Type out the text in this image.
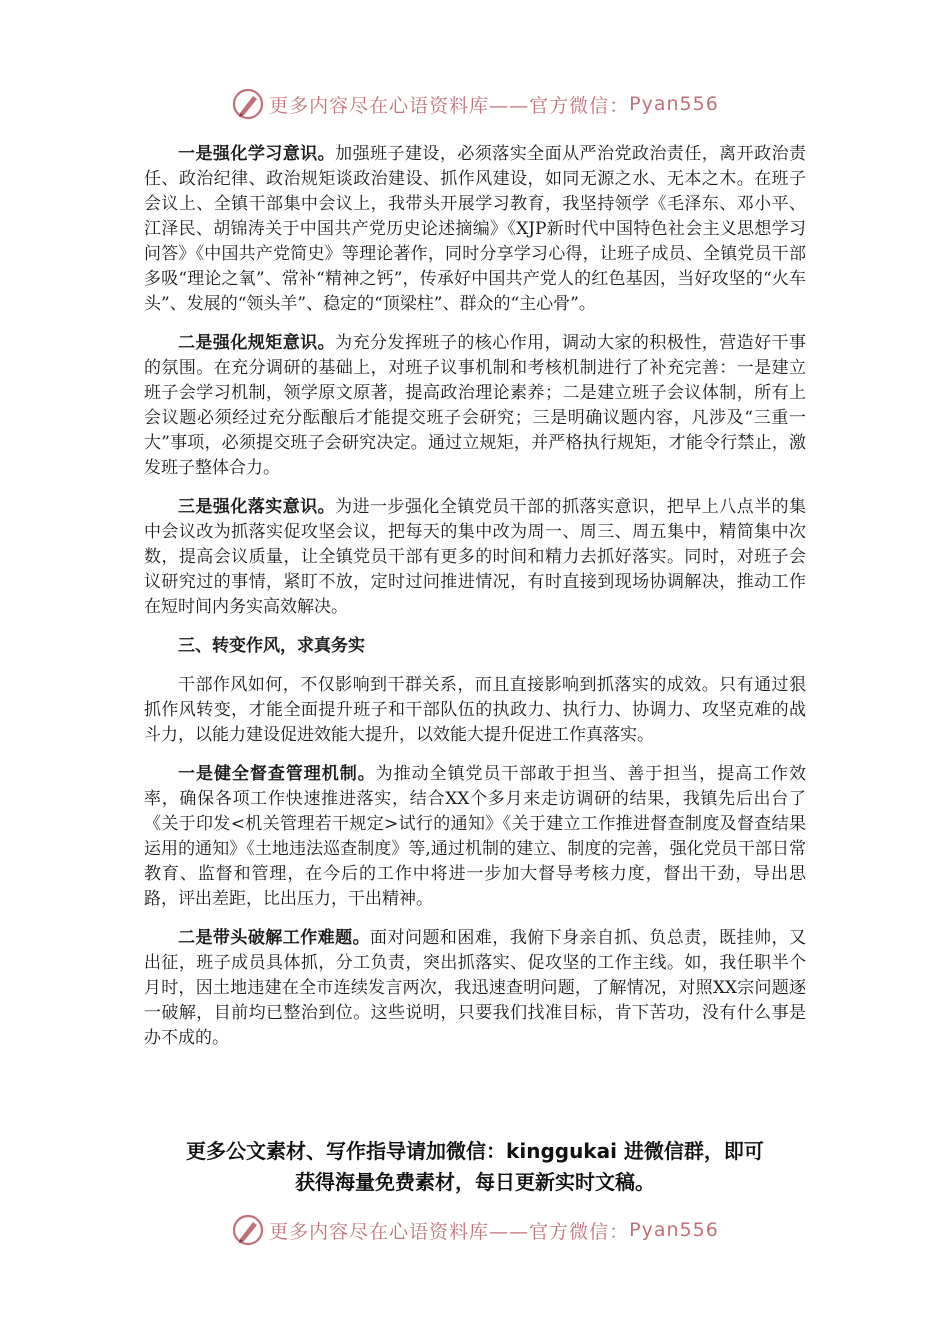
更多内容尽在心语资料库——官方微信： Pyan556

一是强化学习意识。加强班子建设，必须落实全面从严治党政治责任，离开政治责任、政治纪律、政治规矩谈政治建设、抓作风建设，如同无源之水、无本之木。在班子会议上、全镇干部集中会议上，我带头开展学习教育，我坚持领学《毛泽东、邓小平、江泽民、胡锦涛关于中国共产党历史论述摘编》《XJP新时代中国特色社会主义思想学习问答》《中国共产党简史》等理论著作，同时分享学习心得，让班子成员、全镇党员干部多吸“理论之氧”、常补“精神之钙”，传承好中国共产党人的红色基因，当好攻坚的“火车头”、发展的“领头羊”、稳定的“顶梁柱”、群众的“主心骨”。

二是强化规矩意识。为充分发挥班子的核心作用，调动大家的积极性，营造好干事的氛围。在充分调研的基础上，对班子议事机制和考核机制进行了补充完善：一是建立班子会学习机制，领学原文原著，提高政治理论素养；二是建立班子会议体制，所有上会议题必须经过充分酝酿后才能提交班子会研究；三是明确议题内容，凡涉及“三重一大”事项，必须提交班子会研究决定。通过立规矩，并严格执行规矩，才能令行禁止，激发班子整体合力。

三是强化落实意识。为进一步强化全镇党员干部的抓落实意识，把早上八点半的集中会议改为抓落实促攻坚会议，把每天的集中改为周一、周三、周五集中，精简集中次数，提高会议质量，让全镇党员干部有更多的时间和精力去抓好落实。同时，对班子会议研究过的事情，紧盯不放，定时过问推进情况，有时直接到现场协调解决，推动工作在短时间内务实高效解决。

三、转变作风，求真务实

干部作风如何，不仅影响到干群关系，而且直接影响到抓落实的成效。只有通过狠抓作风转变，才能全面提升班子和干部队伍的执政力、执行力、协调力、攻坚克难的战斗力，以能力建设促进效能大提升，以效能大提升促进工作真落实。

一是健全督查管理机制。为推动全镇党员干部敢于担当、善于担当，提高工作效率，确保各项工作快速推进落实，结合XX个多月来走访调研的结果，我镇先后出台了《关于印发<机关管理若干规定>试行的通知》《关于建立工作推进督查制度及督查结果运用的通知》《土地违法巡查制度》等,通过机制的建立、制度的完善，强化党员干部日常教育、监督和管理，在今后的工作中将进一步加大督导考核力度，督出干劲，导出思路，评出差距，比出压力，干出精神。

二是带头破解工作难题。面对问题和困难，我俯下身亲自抓、负总责，既挂帅，又出征，班子成员具体抓，分工负责，突出抓落实、促攻坚的工作主线。如，我任职半个月时，因土地违建在全市连续发言两次，我迅速查明问题，了解情况，对照XX宗问题逐一破解，目前均已整治到位。这些说明，只要我们找准目标，肯下苦功，没有什么事是办不成的。

更多公文素材、写作指导请加微信：kinggukai 进微信群，即可
获得海量免费素材，每日更新实时文稿。
更多内容尽在心语资料库——官方微信： Pyan556
